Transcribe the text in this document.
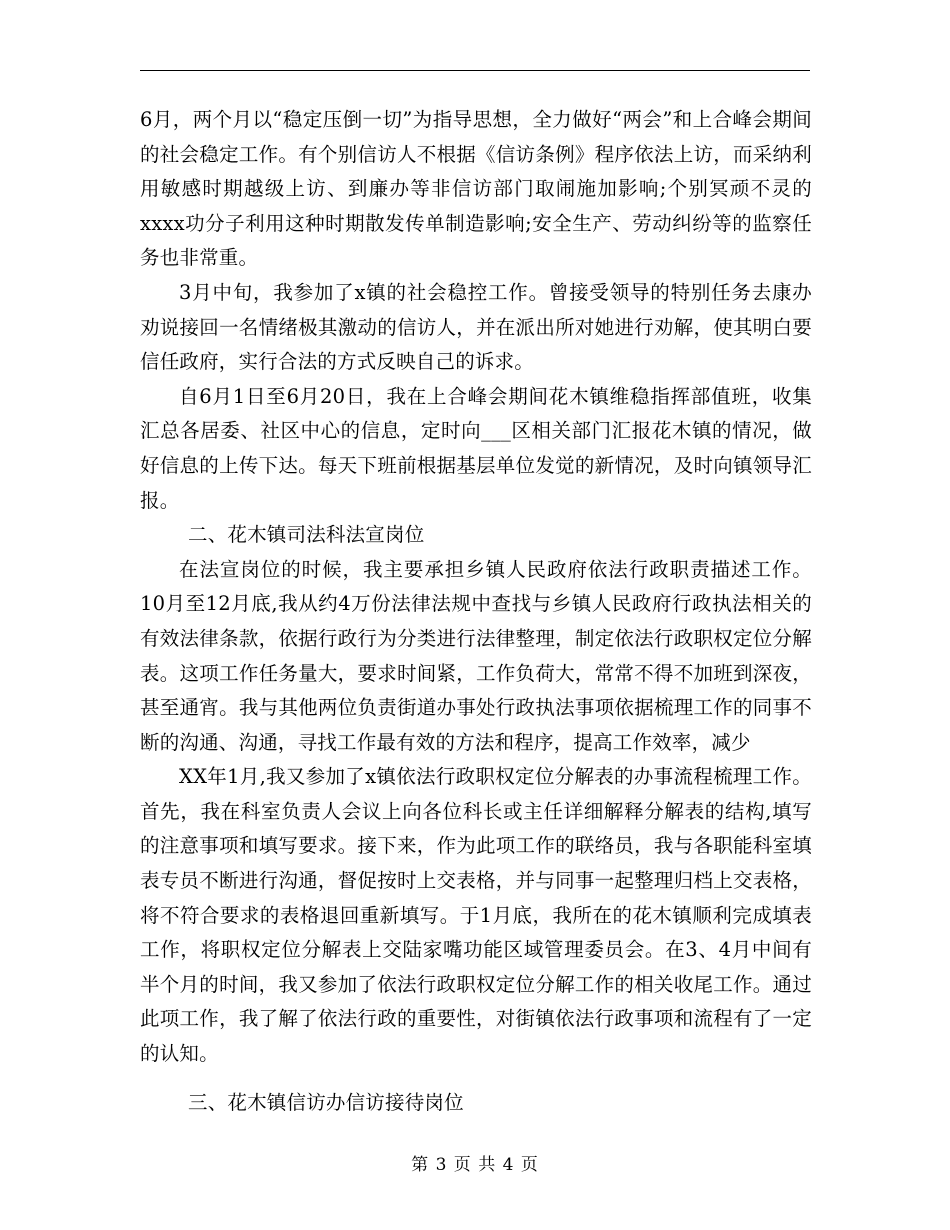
6月，两个月以“稳定压倒一切”为指导思想，全力做好“两会”和上合峰会期间的社会稳定工作。有个别信访人不根据《信访条例》程序依法上访，而采纳利用敏感时期越级上访、到廉办等非信访部门取闹施加影响;个别冥顽不灵的xxxx功分子利用这种时期散发传单制造影响;安全生产、劳动纠纷等的监察任务也非常重。

3月中旬，我参加了x镇的社会稳控工作。曾接受领导的特别任务去康办劝说接回一名情绪极其激动的信访人，并在派出所对她进行劝解，使其明白要信任政府，实行合法的方式反映自己的诉求。

自6月1日至6月20日，我在上合峰会期间花木镇维稳指挥部值班，收集汇总各居委、社区中心的信息，定时向___区相关部门汇报花木镇的情况，做好信息的上传下达。每天下班前根据基层单位发觉的新情况，及时向镇领导汇报。

二、花木镇司法科法宣岗位

在法宣岗位的时候，我主要承担乡镇人民政府依法行政职责描述工作。10月至12月底,我从约4万份法律法规中查找与乡镇人民政府行政执法相关的有效法律条款，依据行政行为分类进行法律整理，制定依法行政职权定位分解表。这项工作任务量大，要求时间紧，工作负荷大，常常不得不加班到深夜，甚至通宵。我与其他两位负责街道办事处行政执法事项依据梳理工作的同事不断的沟通、沟通，寻找工作最有效的方法和程序，提高工作效率，减少

XX年1月,我又参加了x镇依法行政职权定位分解表的办事流程梳理工作。首先，我在科室负责人会议上向各位科长或主任详细解释分解表的结构,填写的注意事项和填写要求。接下来，作为此项工作的联络员，我与各职能科室填表专员不断进行沟通，督促按时上交表格，并与同事一起整理归档上交表格，将不符合要求的表格退回重新填写。于1月底，我所在的花木镇顺利完成填表工作，将职权定位分解表上交陆家嘴功能区域管理委员会。在3、4月中间有半个月的时间，我又参加了依法行政职权定位分解工作的相关收尾工作。通过此项工作，我了解了依法行政的重要性，对街镇依法行政事项和流程有了一定的认知。

三、花木镇信访办信访接待岗位

第 3 页 共 4 页
